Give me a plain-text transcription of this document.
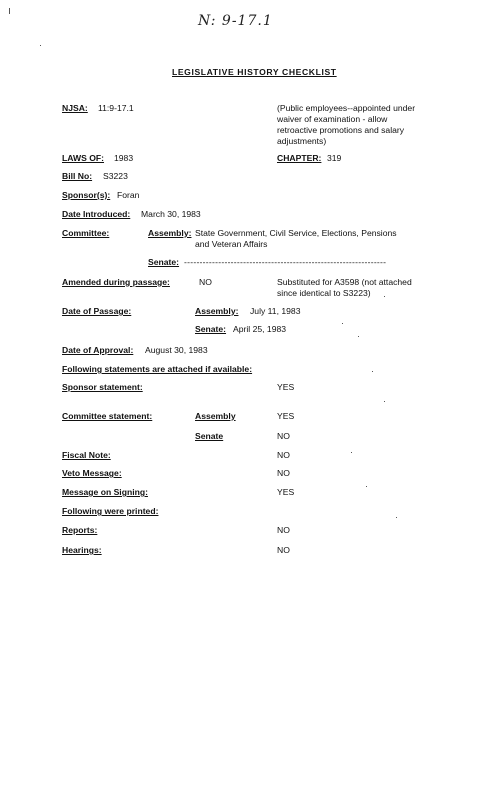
N: 9-17.1
LEGISLATIVE HISTORY CHECKLIST
NJSA: 11:9-17.1	(Public employees--appointed under
waiver of examination - allow
retroactive promotions and salary
adjustments)
LAWS OF: 1983	CHAPTER: 319
Bill No: S3223
Sponsor(s): Foran
Date Introduced: March 30, 1983
Committee:	Assembly: State Government, Civil Service, Elections, Pensions
and Veteran Affairs
Senate: -----------------------------------------------------------------
Amended during passage:	NO	Substituted for A3598 (not attached
since identical to S3223)
Date of Passage:	Assembly: July 11, 1983
Senate: April 25, 1983
Date of Approval: August 30, 1983
Following statements are attached if available:
Sponsor statement:	YES
Committee statement:	Assembly	YES
Senate	NO
Fiscal Note:	NO
Veto Message:	NO
Message on Signing:	YES
Following were printed:
Reports:	NO
Hearings:	NO
